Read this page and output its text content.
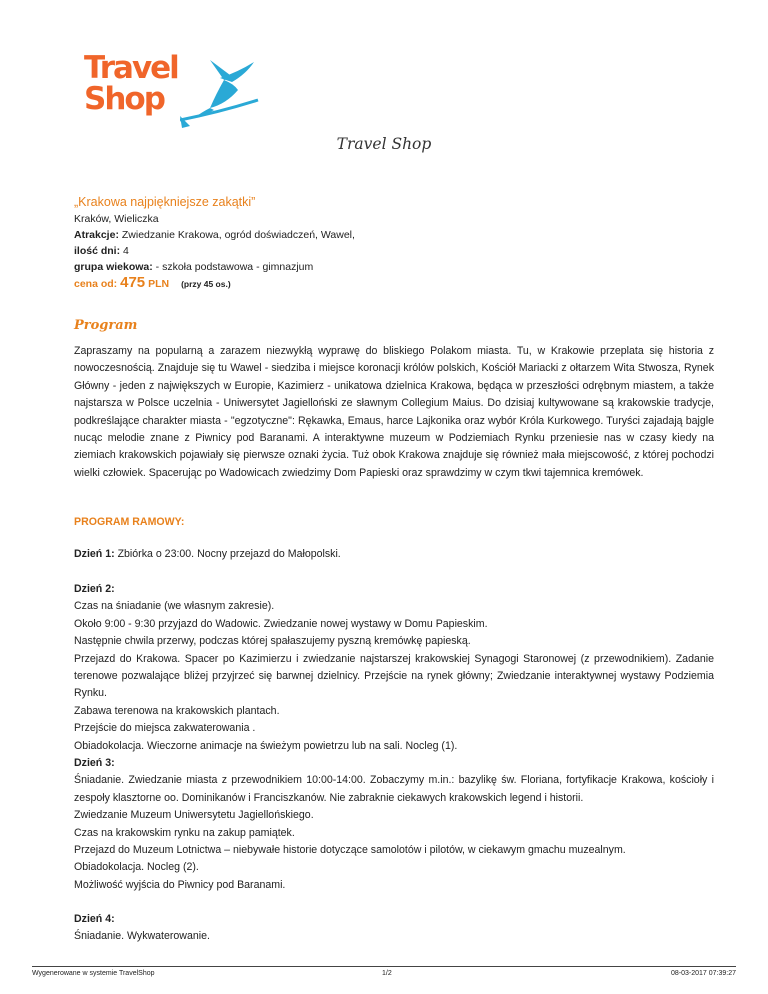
Travel
Shop
Travel Shop
„Krakowa najpiękniejsze zakątki”
Kraków, Wieliczka
Atrakcje: Zwiedzanie Krakowa, ogród doświadczeń, Wawel,
ilość dni: 4
grupa wiekowa: - szkoła podstawowa - gimnazjum
cena od: 475 PLN (przy 45 os.)
Program
Zapraszamy na popularną a zarazem niezwykłą wyprawę do bliskiego Polakom miasta. Tu, w Krakowie przeplata się historia z nowoczesnością. Znajduje się tu Wawel - siedziba i miejsce koronacji królów polskich, Kościół Mariacki z ołtarzem Wita Stwosza, Rynek Główny - jeden z największych w Europie, Kazimierz - unikatowa dzielnica Krakowa, będąca w przeszłości odrębnym miastem, a także najstarsza w Polsce uczelnia - Uniwersytet Jagielloński ze sławnym Collegium Maius. Do dzisiaj kultywowane są krakowskie tradycje, podkreślające charakter miasta - "egzotyczne": Rękawka, Emaus, harce Lajkonika oraz wybór Króla Kurkowego. Turyści zajadają bajgle nucąc melodie znane z Piwnicy pod Baranami. A interaktywne muzeum w Podziemiach Rynku przeniesie nas w czasy kiedy na ziemiach krakowskich pojawiały się pierwsze oznaki życia. Tuż obok Krakowa znajduje się również mała miejscowość, z której pochodzi wielki człowiek. Spacerując po Wadowicach zwiedzimy Dom Papieski oraz sprawdzimy w czym tkwi tajemnica kremówek.
PROGRAM RAMOWY:

Dzień 1: Zbiórka o 23:00. Nocny przejazd do Małopolski.

Dzień 2:

Czas na śniadanie (we własnym zakresie).

Około 9:00 - 9:30 przyjazd do Wadowic. Zwiedzanie nowej wystawy w Domu Papieskim.

Następnie chwila przerwy, podczas której spałaszujemy pyszną kremówkę papieską.

Przejazd do Krakowa. Spacer po Kazimierzu i zwiedzanie najstarszej krakowskiej Synagogi Staronowej (z przewodnikiem). Zadanie terenowe pozwalające bliżej przyjrzeć się barwnej dzielnicy. Przejście na rynek główny; Zwiedzanie interaktywnej wystawy Podziemia Rynku.

Zabawa terenowa na krakowskich plantach.

Przejście do miejsca zakwaterowania .

Obiadokolacja. Wieczorne animacje na świeżym powietrzu lub na sali. Nocleg (1).

Dzień 3:

Śniadanie. Zwiedzanie miasta z przewodnikiem 10:00-14:00. Zobaczymy m.in.: bazylikę św. Floriana, fortyfikacje Krakowa, kościoły i zespoły klasztorne oo. Dominikanów i Franciszkanów. Nie zabraknie ciekawych krakowskich legend i historii.

Zwiedzanie Muzeum Uniwersytetu Jagiellońskiego.

Czas na krakowskim rynku na zakup pamiątek.

Przejazd do Muzeum Lotnictwa – niebywałe historie dotyczące samolotów i pilotów, w ciekawym gmachu muzealnym.

Obiadokolacja. Nocleg (2).

Możliwość wyjścia do Piwnicy pod Baranami.

Dzień 4:

Śniadanie. Wykwaterowanie.

Wygenerowane w systemie TravelShop	1/2	08-03-2017 07:39:27
